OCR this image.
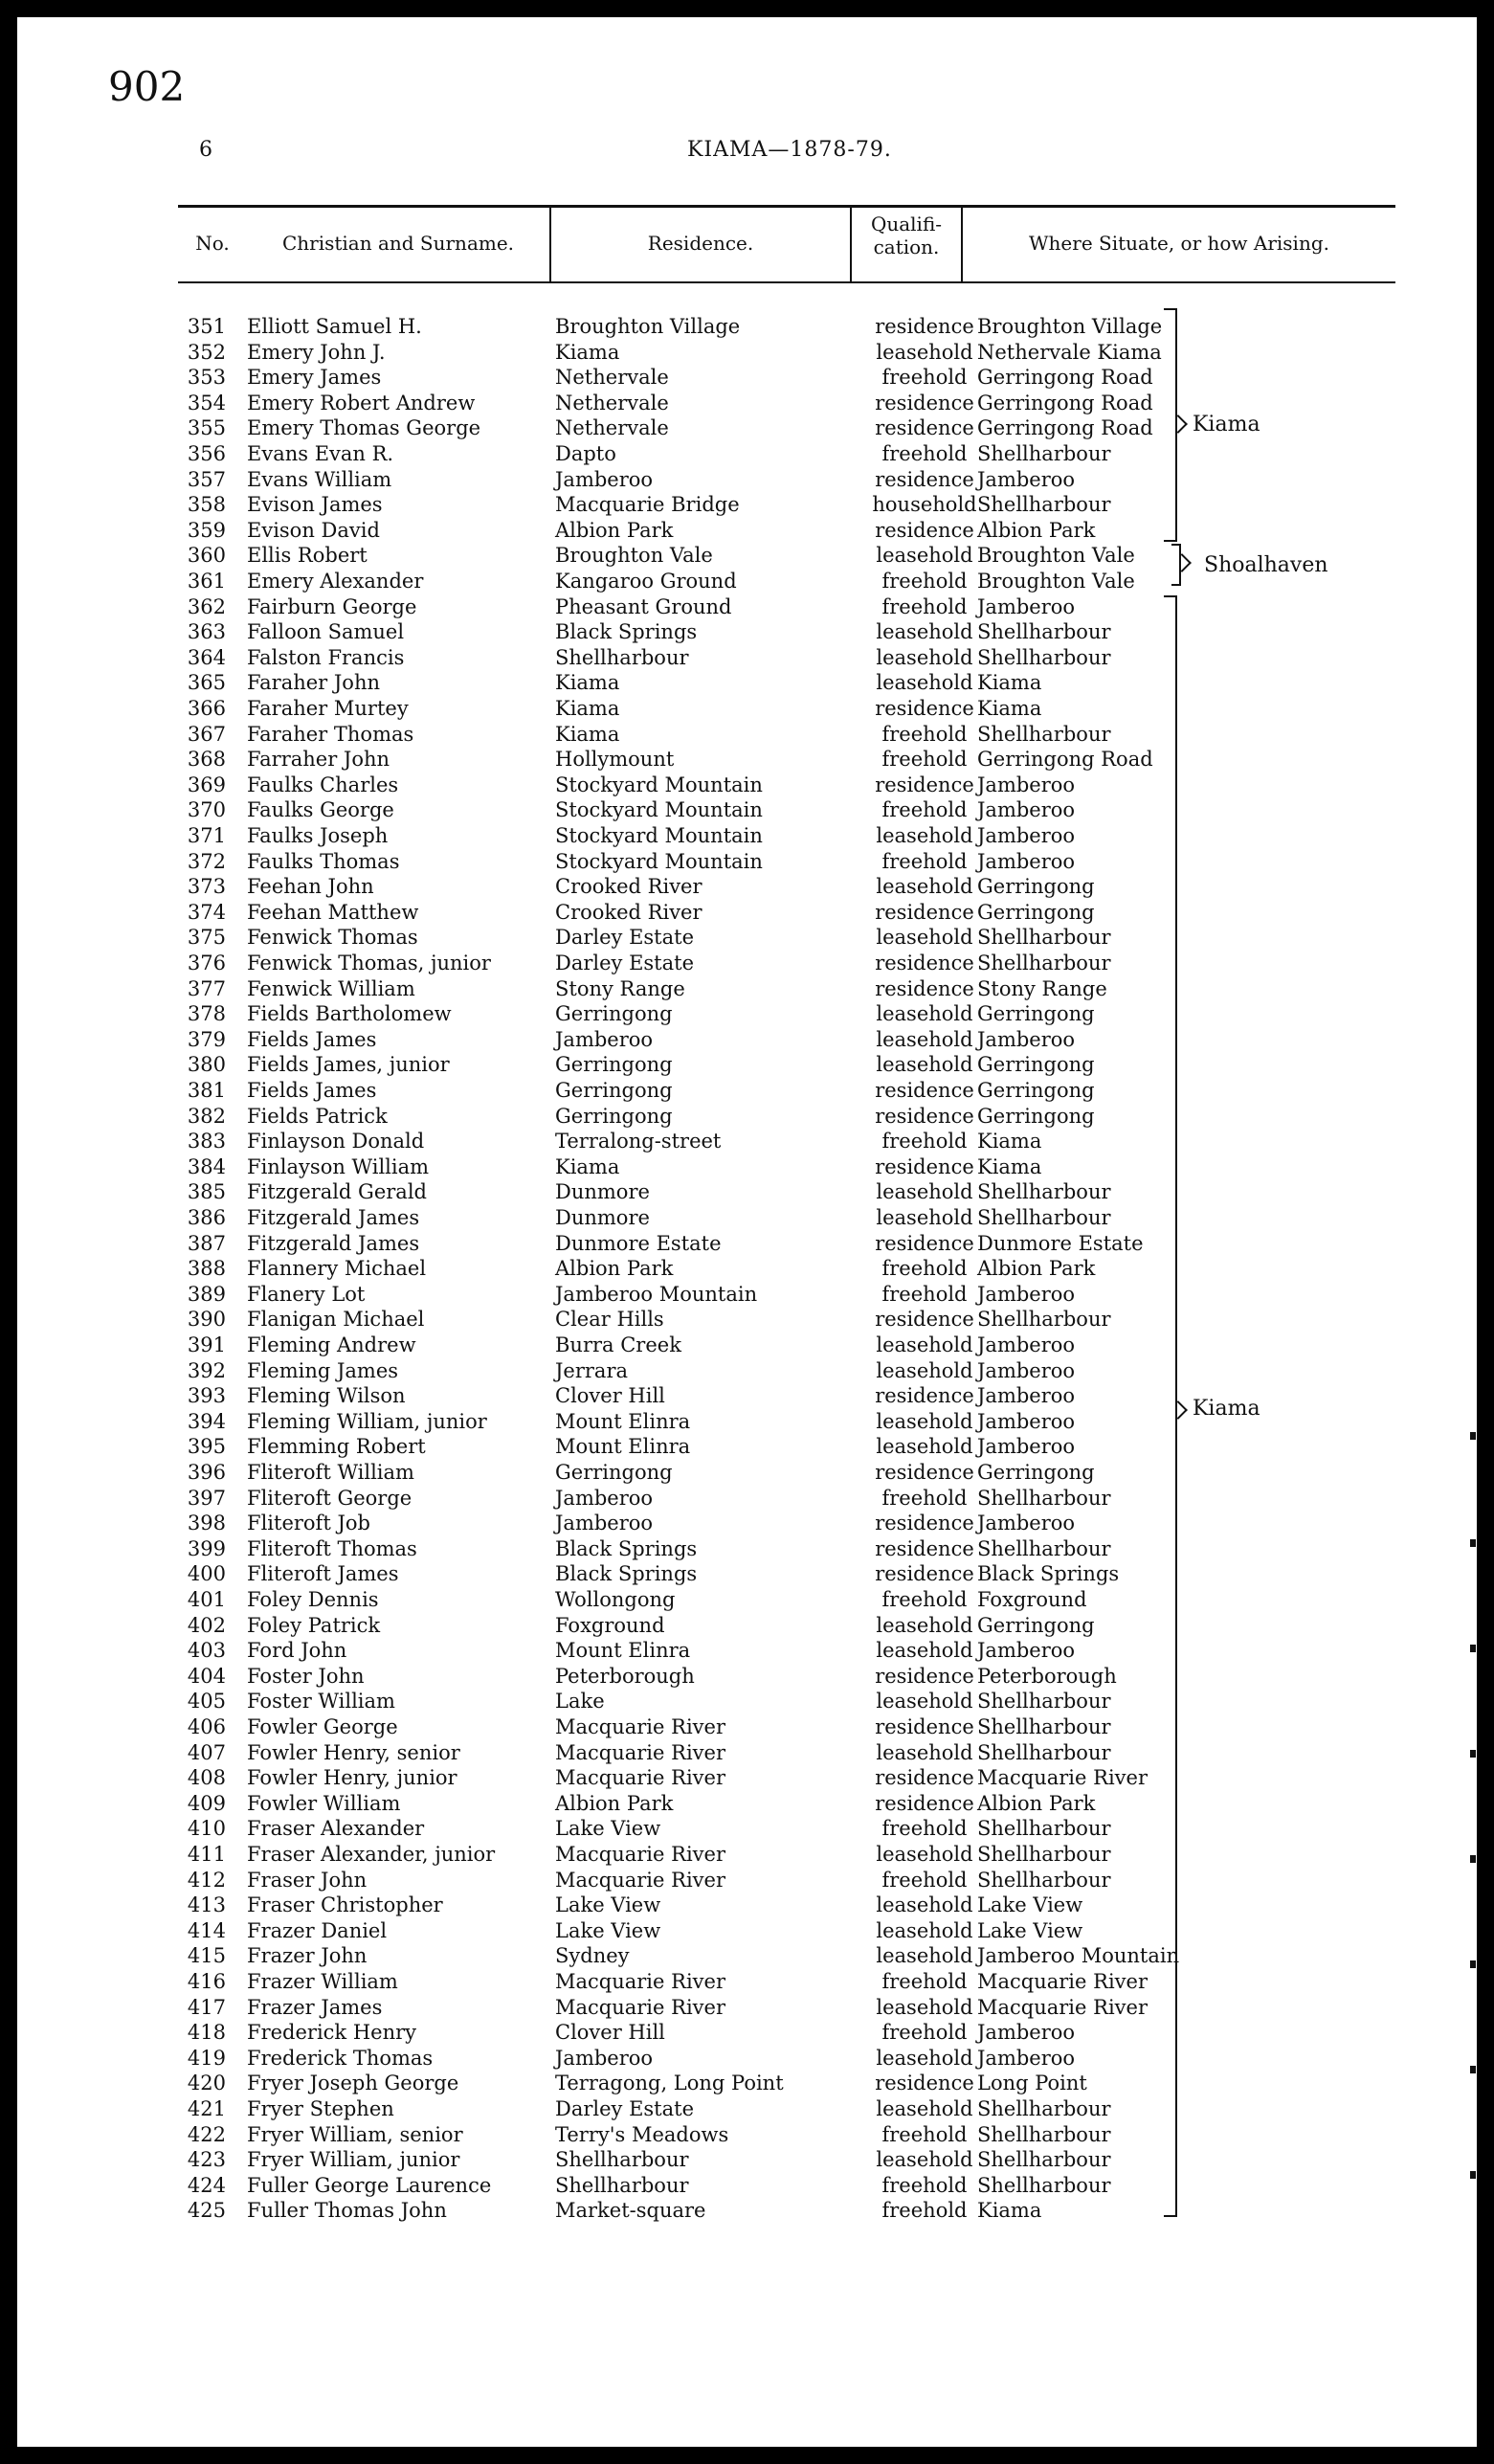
902
6	KIAMA—1878-79.
No.	Christian and Surname.	Residence.
Qualifi-
cation.	Where Situate, or how Arising.
351 Elliott Samuel H.	Broughton Village	residence Broughton Village
352 Emery John J.	Kiama	leasehold Nethervale Kiama
353 Emery James	Nethervale	freehold Gerringong Road
354 Emery Robert Andrew	Nethervale	residence Gerringong Road
355 Emery Thomas George	Nethervale	residence Gerringong Road
356 Evans Evan R.	Dapto	freehold Shellharbour
357 Evans William	Jamberoo	residence Jamberoo
358 Evison James	Macquarie Bridge	household Shellharbour
359 Evison David	Albion Park	residence Albion Park
360 Ellis Robert	Broughton Vale	leasehold Broughton Vale
361 Emery Alexander	Kangaroo Ground	freehold Broughton Vale
362 Fairburn George	Pheasant Ground	freehold Jamberoo
363 Falloon Samuel	Black Springs	leasehold Shellharbour
364 Falston Francis	Shellharbour	leasehold Shellharbour
365 Faraher John	Kiama	leasehold Kiama
366 Faraher Murtey	Kiama	residence Kiama
367 Faraher Thomas	Kiama	freehold Shellharbour
368 Farraher John	Hollymount	freehold Gerringong Road
369 Faulks Charles	Stockyard Mountain	residence Jamberoo
370 Faulks George	Stockyard Mountain	freehold Jamberoo
371 Faulks Joseph	Stockyard Mountain	leasehold Jamberoo
372 Faulks Thomas	Stockyard Mountain	freehold Jamberoo
373 Feehan John	Crooked River	leasehold Gerringong
374 Feehan Matthew	Crooked River	residence Gerringong
375 Fenwick Thomas	Darley Estate	leasehold Shellharbour
376 Fenwick Thomas, junior	Darley Estate	residence Shellharbour
377 Fenwick William	Stony Range	residence Stony Range
378 Fields Bartholomew	Gerringong	leasehold Gerringong
379 Fields James	Jamberoo	leasehold Jamberoo
380 Fields James, junior	Gerringong	leasehold Gerringong
381 Fields James	Gerringong	residence Gerringong
382 Fields Patrick	Gerringong	residence Gerringong
383 Finlayson Donald	Terralong-street	freehold Kiama
384 Finlayson William	Kiama	residence Kiama
385 Fitzgerald Gerald	Dunmore	leasehold Shellharbour
386 Fitzgerald James	Dunmore	leasehold Shellharbour
387 Fitzgerald James	Dunmore Estate	residence Dunmore Estate
388 Flannery Michael	Albion Park	freehold Albion Park
389 Flanery Lot	Jamberoo Mountain	freehold Jamberoo
390 Flanigan Michael	Clear Hills	residence Shellharbour
391 Fleming Andrew	Burra Creek	leasehold Jamberoo
392 Fleming James	Jerrara	leasehold Jamberoo
393 Fleming Wilson	Clover Hill	residence Jamberoo
394 Fleming William, junior	Mount Elinra	leasehold Jamberoo
395 Flemming Robert	Mount Elinra	leasehold Jamberoo
396 Fliteroft William	Gerringong	residence Gerringong
397 Fliteroft George	Jamberoo	freehold Shellharbour
398 Fliteroft Job	Jamberoo	residence Jamberoo
399 Fliteroft Thomas	Black Springs	residence Shellharbour
400 Fliteroft James	Black Springs	residence Black Springs
401 Foley Dennis	Wollongong	freehold Foxground
402 Foley Patrick	Foxground	leasehold Gerringong
403 Ford John	Mount Elinra	leasehold Jamberoo
404 Foster John	Peterborough	residence Peterborough
405 Foster William	Lake	leasehold Shellharbour
406 Fowler George	Macquarie River	residence Shellharbour
407 Fowler Henry, senior	Macquarie River	leasehold Shellharbour
408 Fowler Henry, junior	Macquarie River	residence Macquarie River
409 Fowler William	Albion Park	residence Albion Park
410 Fraser Alexander	Lake View	freehold Shellharbour
411 Fraser Alexander, junior	Macquarie River	leasehold Shellharbour
412 Fraser John	Macquarie River	freehold Shellharbour
413 Fraser Christopher	Lake View	leasehold Lake View
414 Frazer Daniel	Lake View	leasehold Lake View
415 Frazer John	Sydney	leasehold Jamberoo Mountain
416 Frazer William	Macquarie River	freehold Macquarie River
417 Frazer James	Macquarie River	leasehold Macquarie River
418 Frederick Henry	Clover Hill	freehold Jamberoo
419 Frederick Thomas	Jamberoo	leasehold Jamberoo
420 Fryer Joseph George	Terragong, Long Point	residence Long Point
421 Fryer Stephen	Darley Estate	leasehold Shellharbour
422 Fryer William, senior	Terry's Meadows	freehold Shellharbour
423 Fryer William, junior	Shellharbour	leasehold Shellharbour
424 Fuller George Laurence	Shellharbour	freehold Shellharbour
425 Fuller Thomas John	Market-square	freehold Kiama
Kiama
Shoalhaven
Kiama
